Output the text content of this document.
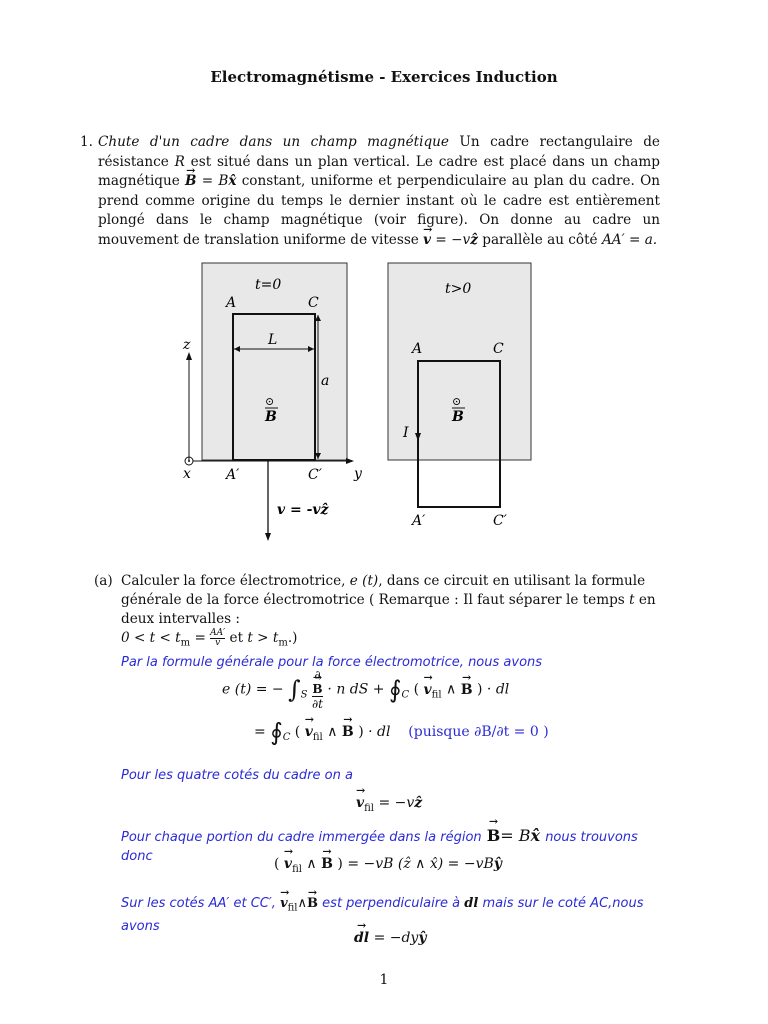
Electromagnétisme - Exercices Induction
1. Chute d'un cadre dans un champ magnétique Un cadre rectangulaire de résistance R est situé dans un plan vertical. Le cadre est placé dans un champ magnétique → B = Bx̂ constant, uniforme et perpendiculaire au plan du cadre. On prend comme origine du temps le dernier instant où le cadre est entièrement plongé dans le champ magnétique (voir figure). On donne au cadre un mouvement de translation uniforme de vitesse → v = −vẑ parallèle au côté AA′ = a.
t=0
A	C
L
a
⊙
B
z
x	y
A′	C′
v = -vẑ
t>0
A	C
⊙
B
I
A′	C′
(a) Calculer la force électromotrice, e (t), dans ce circuit en utilisant la formule générale de la force électromotrice ( Remarque : Il faut séparer le temps t en deux intervalles :
$0 < t < t_m = \frac{AA'}{v}$ et $t > t_m$.)
Par la formule générale pour la force électromotrice, nous avons
e (t) = − $\int_S$ ∂
→ B
∂t · n dS + $∮_C$ ( → $v_{fil}$ ∧ → B ) · dl
= $∮_C$ ( → $v_{fil}$ ∧ → B ) · dl (puisque ∂B/∂t = 0 )
Pour les quatre cotés du cadre on a
→ $v_{fil}$ = −vẑ
Pour chaque portion du cadre immergée dans la région → B= Bx̂ nous trouvons donc	( → $v_{fil}$ ∧ → B ) = −vB (ẑ ∧ x̂) = −vBŷ
Sur les cotés AA′ et CC′, → $v_{fil}\wedge\to B$ est perpendiculaire à dl mais sur le coté AC,nous avons
→ dl = −dyŷ
1
